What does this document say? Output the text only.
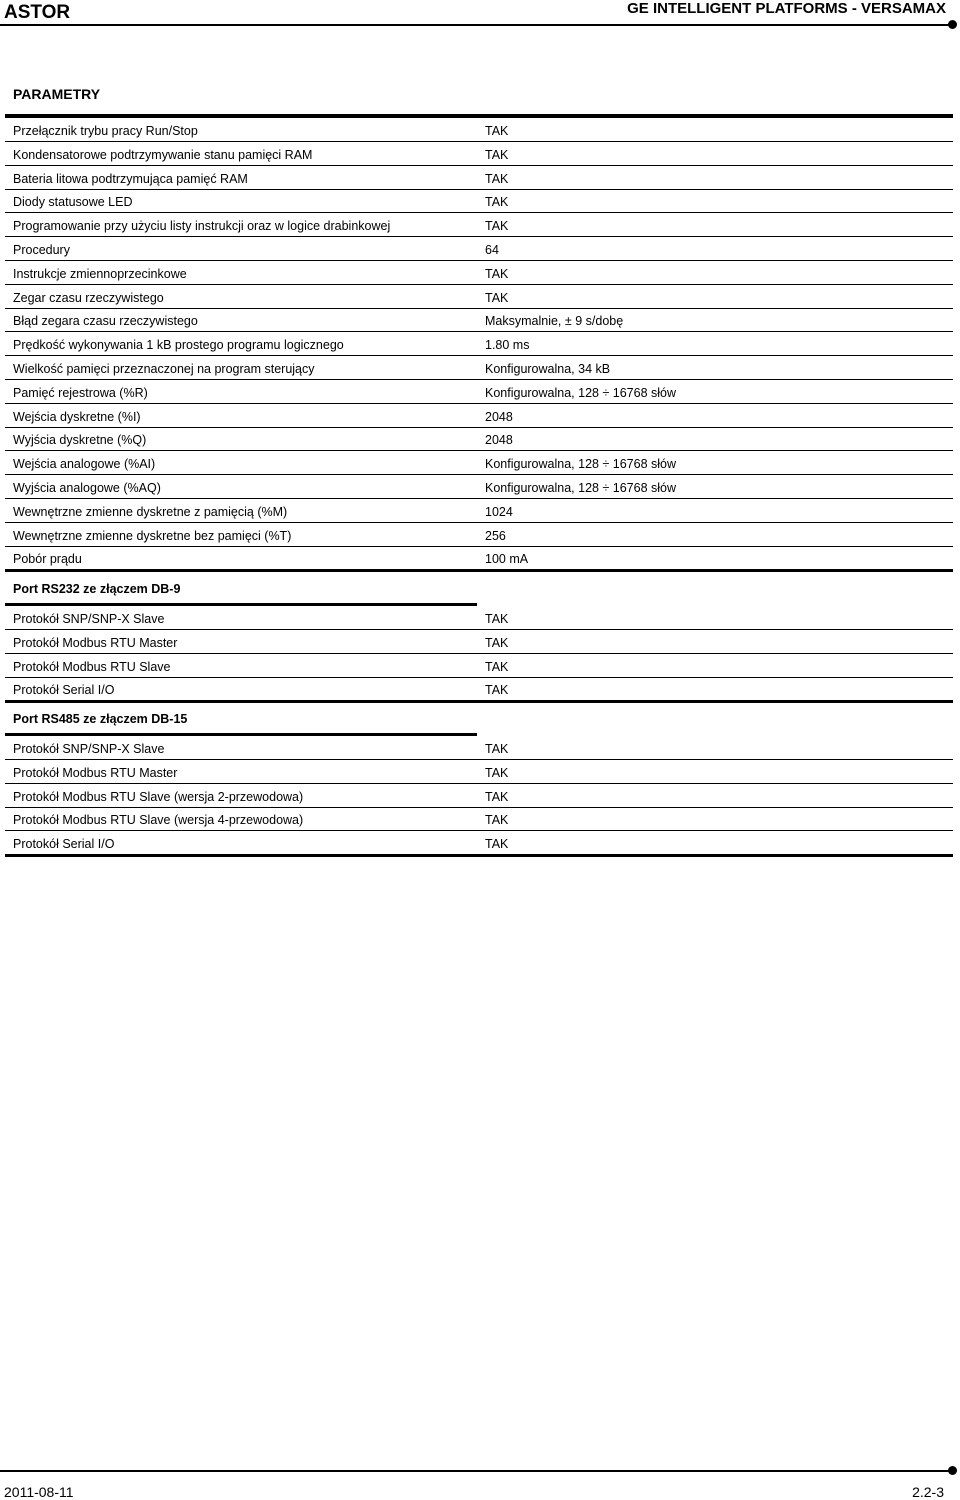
ASTOR	GE INTELLIGENT PLATFORMS - VERSAMAX
PARAMETRY
Przełącznik trybu pracy Run/Stop	TAK
Kondensatorowe podtrzymywanie stanu pamięci RAM	TAK
Bateria litowa podtrzymująca pamięć RAM	TAK
Diody statusowe LED	TAK
Programowanie przy użyciu listy instrukcji oraz w logice drabinkowej	TAK
Procedury	64
Instrukcje zmiennoprzecinkowe	TAK
Zegar czasu rzeczywistego	TAK
Błąd zegara czasu rzeczywistego	Maksymalnie, ± 9 s/dobę
Prędkość wykonywania 1 kB prostego programu logicznego	1.80 ms
Wielkość pamięci przeznaczonej na program sterujący	Konfigurowalna, 34 kB
Pamięć rejestrowa (%R)	Konfigurowalna, 128 ÷ 16768 słów
Wejścia dyskretne (%I)	2048
Wyjścia dyskretne (%Q)	2048
Wejścia analogowe (%AI)	Konfigurowalna, 128 ÷ 16768 słów
Wyjścia analogowe (%AQ)	Konfigurowalna, 128 ÷ 16768 słów
Wewnętrzne zmienne dyskretne z pamięcią (%M)	1024
Wewnętrzne zmienne dyskretne bez pamięci (%T)	256
Pobór prądu	100 mA
Port RS232 ze złączem DB-9
Protokół SNP/SNP-X Slave	TAK
Protokół Modbus RTU Master	TAK
Protokół Modbus RTU Slave	TAK
Protokół Serial I/O	TAK
Port RS485 ze złączem DB-15
Protokół SNP/SNP-X Slave	TAK
Protokół Modbus RTU Master	TAK
Protokół Modbus RTU Slave (wersja 2-przewodowa)	TAK
Protokół Modbus RTU Slave (wersja 4-przewodowa)	TAK
Protokół Serial I/O	TAK
2011-08-11	2.2-3
